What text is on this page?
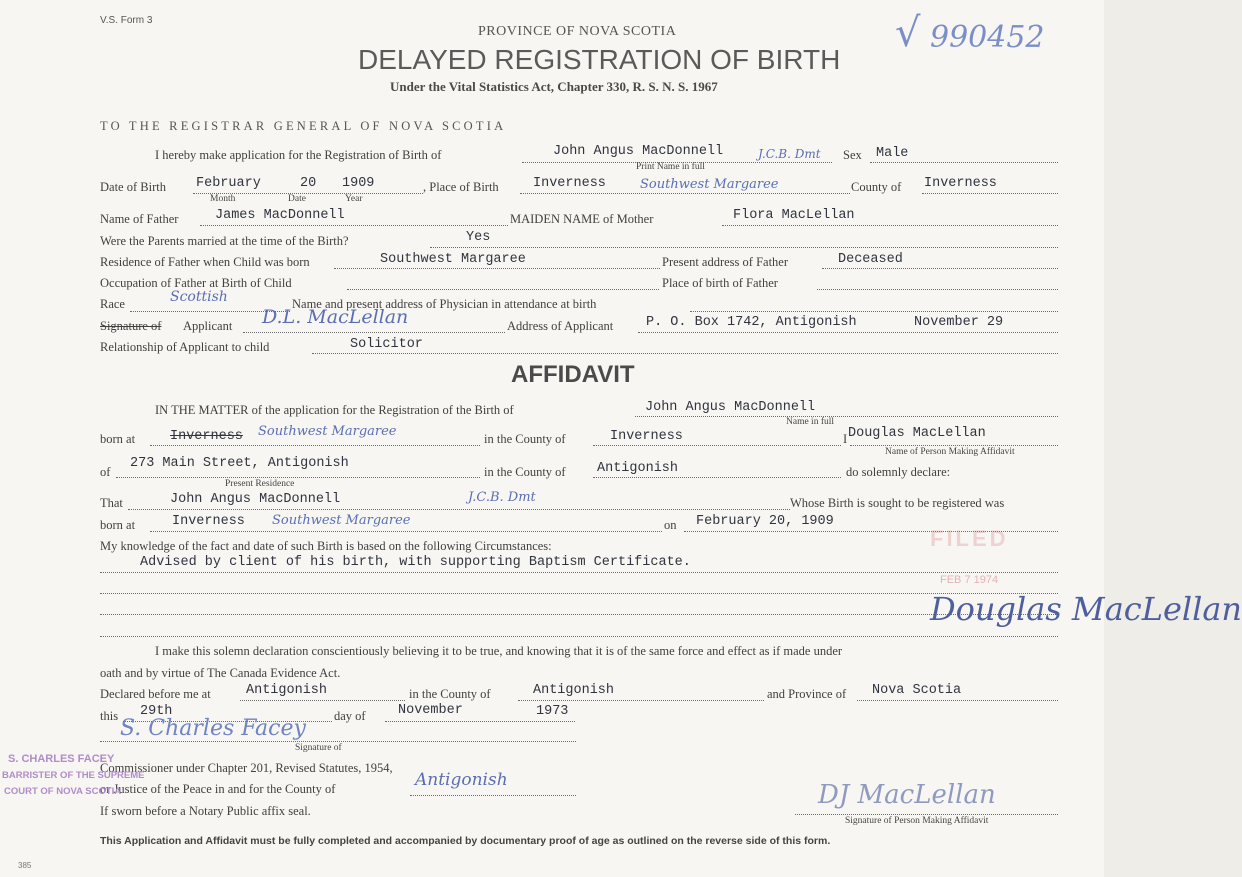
V.S. Form 3
PROVINCE OF NOVA SCOTIA
DELAYED REGISTRATION OF BIRTH
Under the Vital Statistics Act, Chapter 330, R. S. N. S. 1967
√ 990452
TO THE REGISTRAR GENERAL OF NOVA SCOTIA
I hereby make application for the Registration of Birth of	John Angus MacDonnell	J.C.B. Dmt
Print Name in full
Sex Male
Date of Birth February	20 1909
Month	Date	Year
, Place of Birth	Inverness	Southwest Margaree	County of Inverness
Name of Father	James MacDonnell	MAIDEN NAME of Mother	Flora MacLellan
Were the Parents married at the time of the Birth?	Yes
Residence of Father when Child was born	Southwest Margaree	Present address of Father	Deceased
Occupation of Father at Birth of Child	Place of birth of Father
Race	Scottish	Name and present address of Physician in attendance at birth
Signature of Applicant D.L. MacLellan	Address of Applicant P. O. Box 1742, Antigonish	November 29
Relationship of Applicant to child	Solicitor
AFFIDAVIT
IN THE MATTER of the application for the Registration of the Birth of	John Angus MacDonnell
Name in full
born at	Inverness Southwest Margaree	in the County of	Inverness	I Douglas MacLellan
Name of Person Making Affidavit
of
273 Main Street, Antigonish
Present Residence
in the County of Antigonish	do solemnly declare:
That	John Angus MacDonnell	J.C.B. Dmt	Whose Birth is sought to be registered was
born at	Inverness Southwest Margaree	on February 20, 1909
My knowledge of the fact and date of such Birth is based on the following Circumstances:
Advised by client of his birth, with supporting Baptism Certificate.
I make this solemn declaration conscientiously believing it to be true, and knowing that it is of the same force and effect as if made under
oath and by virtue of The Canada Evidence Act.
Declared before me at	Antigonish	in the County of	Antigonish	and Province of Nova Scotia
this 29th	day of November	1973
S. Charles Facey
Signature of
Commissioner under Chapter 201, Revised Statutes, 1954,
or Justice of the Peace in and for the County of	Antigonish
If sworn before a Notary Public affix seal.
Douglas MacLellan
DJ MacLellan
Signature of Person Making Affidavit
S. CHARLES FACEY
BARRISTER OF THE SUPREME
COURT OF NOVA SCOTIA
FILED
FEB 7 1974
This Application and Affidavit must be fully completed and accompanied by documentary proof of age as outlined on the reverse side of this form.
385
